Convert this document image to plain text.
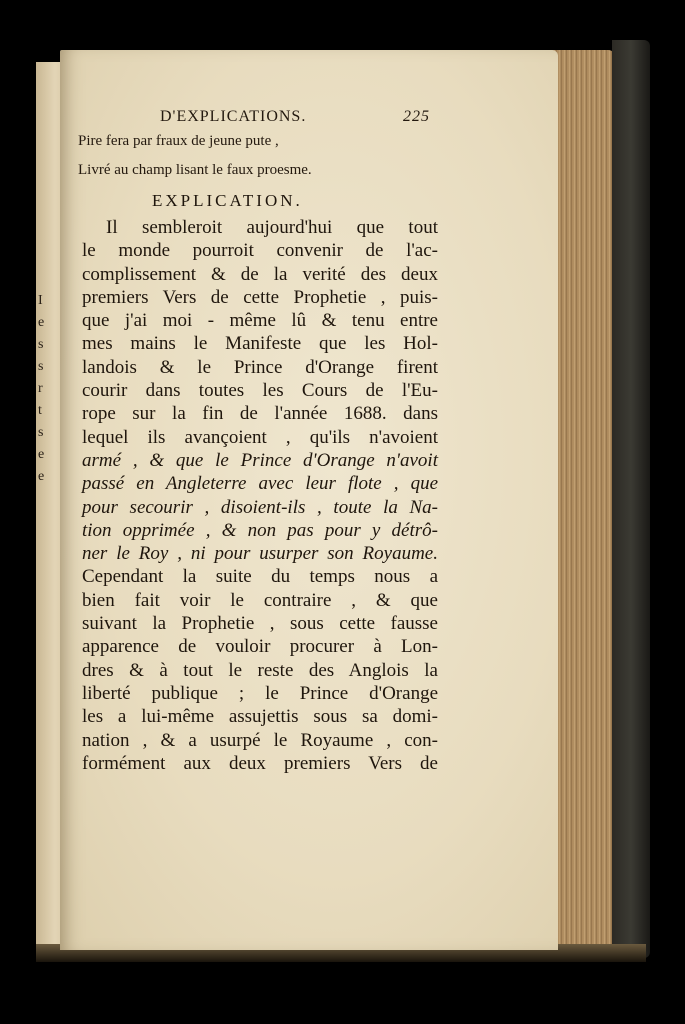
I
e
s
s
r
t
s
e
e
D'EXPLICATIONS.	225
Pire fera par fraux de jeune pute ,
Livré au champ lisant le faux proesme.
EXPLICATION.
Il sembleroit aujourd'hui que tout
le monde pourroit convenir de l'ac-
complissement & de la verité des deux
premiers Vers de cette Prophetie , puis-
que j'ai moi - même lû & tenu entre
mes mains le Manifeste que les Hol-
landois & le Prince d'Orange firent
courir dans toutes les Cours de l'Eu-
rope sur la fin de l'année 1688. dans
lequel ils avançoient , qu'ils n'avoient
armé , & que le Prince d'Orange n'avoit
passé en Angleterre avec leur flote , que
pour secourir , disoient-ils , toute la Na-
tion opprimée , & non pas pour y détrô-
ner le Roy , ni pour usurper son Royaume.
Cependant la suite du temps nous a
bien fait voir le contraire , & que
suivant la Prophetie , sous cette fausse
apparence de vouloir procurer à Lon-
dres & à tout le reste des Anglois la
liberté publique ; le Prince d'Orange
les a lui-même assujettis sous sa domi-
nation , & a usurpé le Royaume , con-
formément aux deux premiers Vers de
